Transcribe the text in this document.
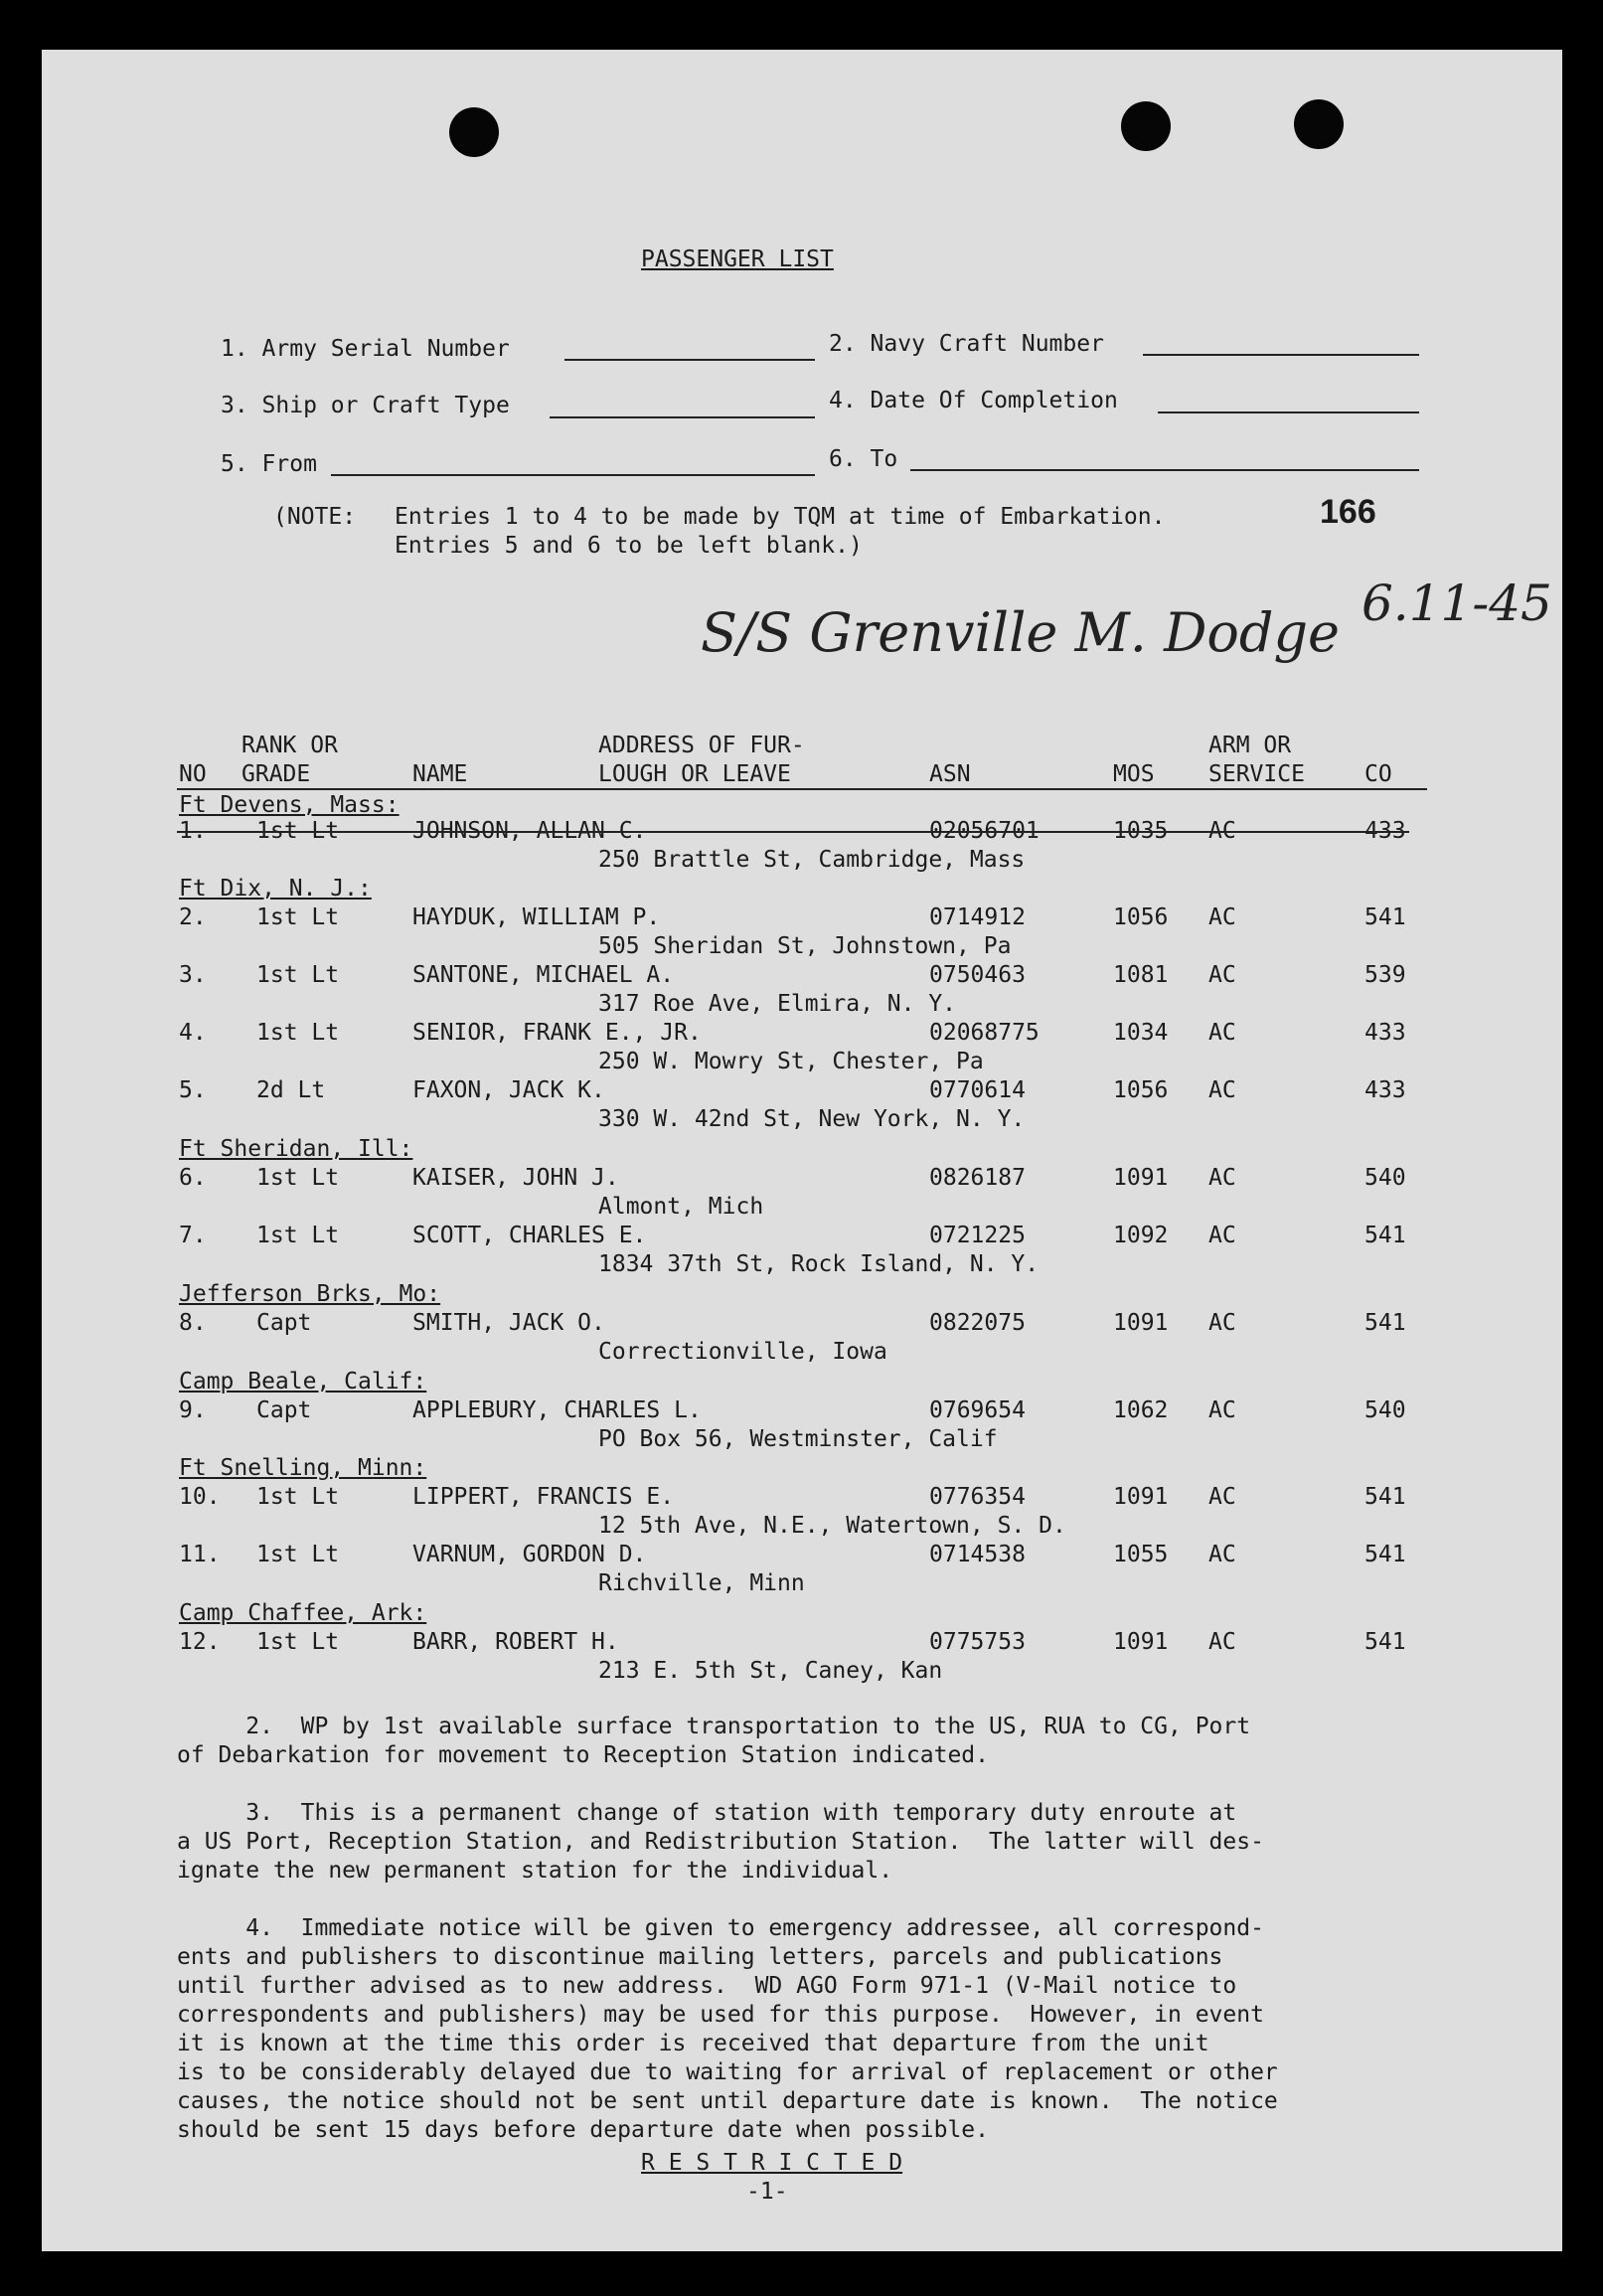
PASSENGER LIST
1. Army Serial Number	2. Navy Craft Number
3. Ship or Craft Type	4. Date Of Completion
5. From	6. To
(NOTE: Entries 1 to 4 to be made by TQM at time of Embarkation.
Entries 5 and 6 to be left blank.)
166
S/S Grenville M. Dodge 6.11-45
RANK OR
NO GRADE	NAME
ADDRESS OF FUR-
LOUGH OR LEAVE	ASN	MOS
ARM OR
SERVICE	CO
Ft Devens, Mass:
1. 1st Lt	JOHNSON, ALLAN C.	02056701	1035 AC	433
250 Brattle St, Cambridge, Mass
Ft Dix, N. J.:
2. 1st Lt	HAYDUK, WILLIAM P.	0714912	1056 AC	541
505 Sheridan St, Johnstown, Pa
3. 1st Lt	SANTONE, MICHAEL A.	0750463	1081 AC	539
317 Roe Ave, Elmira, N. Y.
4. 1st Lt	SENIOR, FRANK E., JR.	02068775	1034 AC	433
250 W. Mowry St, Chester, Pa
5. 2d Lt	FAXON, JACK K.	0770614	1056 AC	433
330 W. 42nd St, New York, N. Y.
Ft Sheridan, Ill:
6. 1st Lt	KAISER, JOHN J.	0826187	1091 AC	540
Almont, Mich
7. 1st Lt	SCOTT, CHARLES E.	0721225	1092 AC	541
1834 37th St, Rock Island, N. Y.
Jefferson Brks, Mo:
8. Capt	SMITH, JACK O.	0822075	1091 AC	541
Correctionville, Iowa
Camp Beale, Calif:
9. Capt	APPLEBURY, CHARLES L.	0769654	1062 AC	540
PO Box 56, Westminster, Calif
Ft Snelling, Minn:
10. 1st Lt	LIPPERT, FRANCIS E.	0776354	1091 AC	541
12 5th Ave, N.E., Watertown, S. D.
11. 1st Lt	VARNUM, GORDON D.	0714538	1055 AC	541
Richville, Minn
Camp Chaffee, Ark:
12. 1st Lt	BARR, ROBERT H.	0775753	1091 AC	541
213 E. 5th St, Caney, Kan
2.  WP by 1st available surface transportation to the US, RUA to CG, Port
of Debarkation for movement to Reception Station indicated.
3.  This is a permanent change of station with temporary duty enroute at
a US Port, Reception Station, and Redistribution Station.  The latter will des-
ignate the new permanent station for the individual.
4.  Immediate notice will be given to emergency addressee, all correspond-
ents and publishers to discontinue mailing letters, parcels and publications
until further advised as to new address.  WD AGO Form 971-1 (V-Mail notice to
correspondents and publishers) may be used for this purpose.  However, in event
it is known at the time this order is received that departure from the unit
is to be considerably delayed due to waiting for arrival of replacement or other
causes, the notice should not be sent until departure date is known.  The notice
should be sent 15 days before departure date when possible.
R E S T R I C T E D
-1-
